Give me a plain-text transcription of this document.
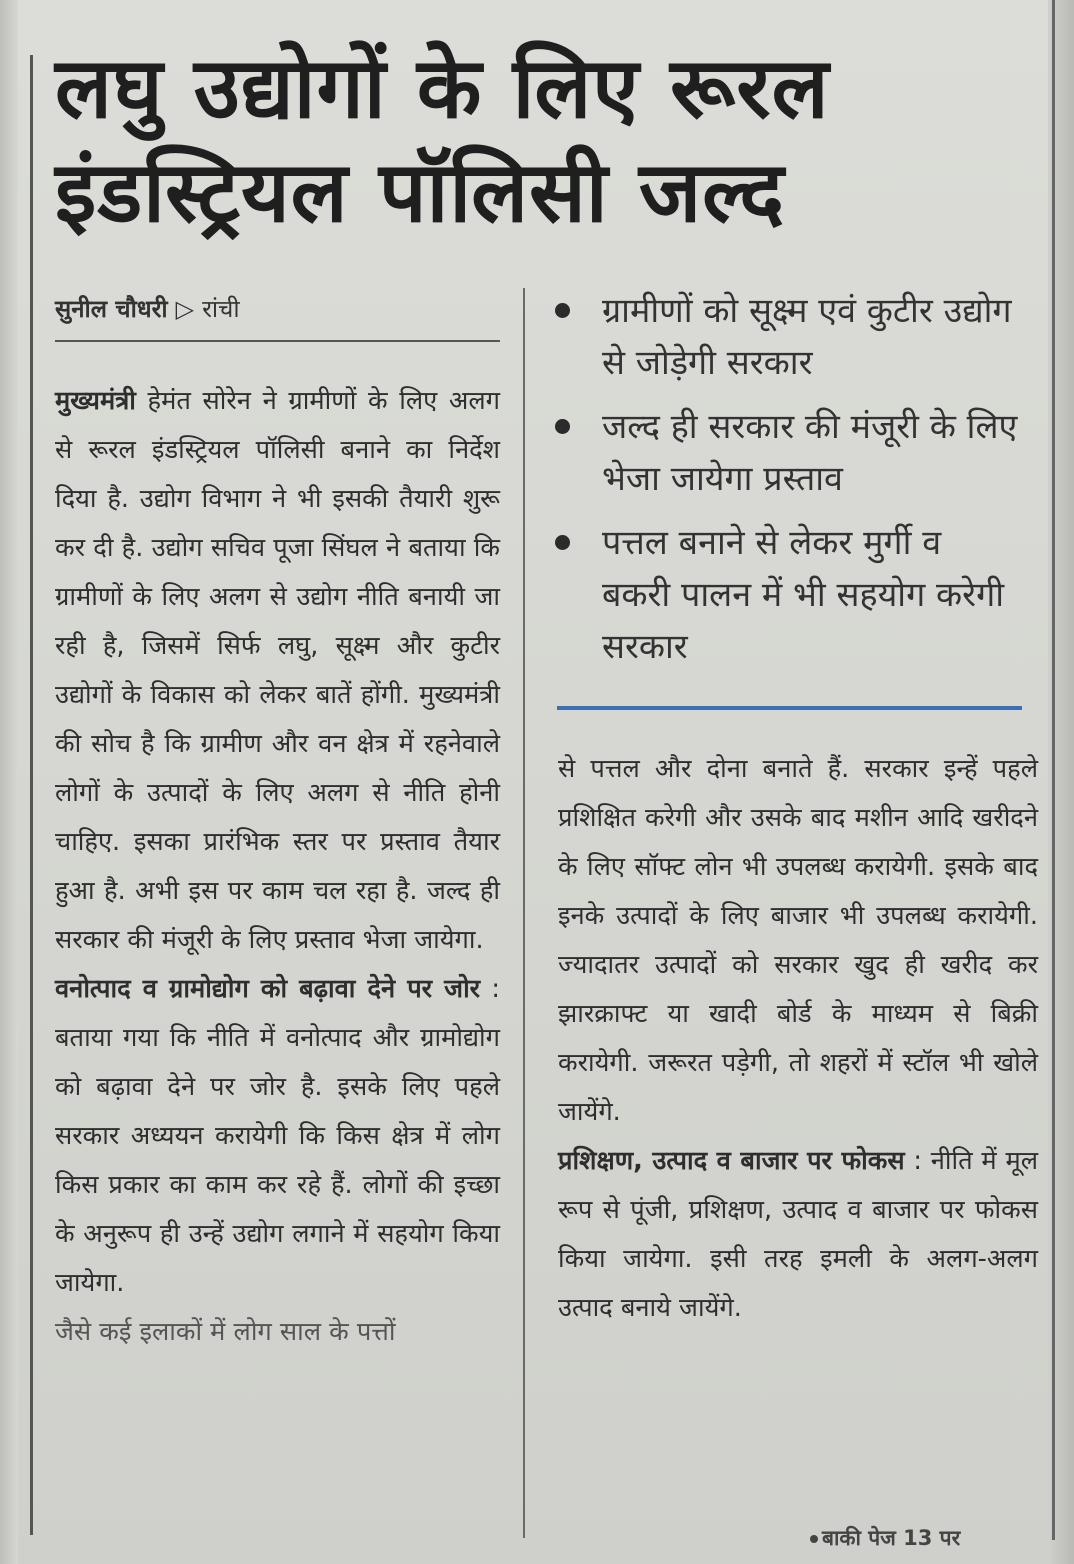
लघु उद्योगों के लिए रूरल
इंडस्ट्रियल पॉलिसी जल्द
सुनील चौधरी ▷ रांची

मुख्यमंत्री हेमंत सोरेन ने ग्रामीणों के लिए अलग से रूरल इंडस्ट्रियल पॉलिसी बनाने का निर्देश दिया है. उद्योग विभाग ने भी इसकी तैयारी शुरू कर दी है. उद्योग सचिव पूजा सिंघल ने बताया कि ग्रामीणों के लिए अलग से उद्योग नीति बनायी जा रही है, जिसमें सिर्फ लघु, सूक्ष्म और कुटीर उद्योगों के विकास को लेकर बातें होंगी. मुख्यमंत्री की सोच है कि ग्रामीण और वन क्षेत्र में रहनेवाले लोगों के उत्पादों के लिए अलग से नीति होनी चाहिए. इसका प्रारंभिक स्तर पर प्रस्ताव तैयार हुआ है. अभी इस पर काम चल रहा है. जल्द ही सरकार की मंजूरी के लिए प्रस्ताव भेजा जायेगा.

वनोत्पाद व ग्रामोद्योग को बढ़ावा देने पर जोर : बताया गया कि नीति में वनोत्पाद और ग्रामोद्योग को बढ़ावा देने पर जोर है. इसके लिए पहले सरकार अध्ययन करायेगी कि किस क्षेत्र में लोग किस प्रकार का काम कर रहे हैं. लोगों की इच्छा के अनुरूप ही उन्हें उद्योग लगाने में सहयोग किया जायेगा.

जैसे कई इलाकों में लोग साल के पत्तों

ग्रामीणों को सूक्ष्म एवं कुटीर उद्योग से जोड़ेगी सरकार
जल्द ही सरकार की मंजूरी के लिए भेजा जायेगा प्रस्ताव
पत्तल बनाने से लेकर मुर्गी व बकरी पालन में भी सहयोग करेगी सरकार

से पत्तल और दोना बनाते हैं. सरकार इन्हें पहले प्रशिक्षित करेगी और उसके बाद मशीन आदि खरीदने के लिए सॉफ्ट लोन भी उपलब्ध करायेगी. इसके बाद इनके उत्पादों के लिए बाजार भी उपलब्ध करायेगी. ज्यादातर उत्पादों को सरकार खुद ही खरीद कर झारक्राफ्ट या खादी बोर्ड के माध्यम से बिक्री करायेगी. जरूरत पड़ेगी, तो शहरों में स्टॉल भी खोले जायेंगे.

प्रशिक्षण, उत्पाद व बाजार पर फोकस : नीति में मूल रूप से पूंजी, प्रशिक्षण, उत्पाद व बाजार पर फोकस किया जायेगा. इसी तरह इमली के अलग-अलग उत्पाद बनाये जायेंगे.

बाकी पेज 13 पर
